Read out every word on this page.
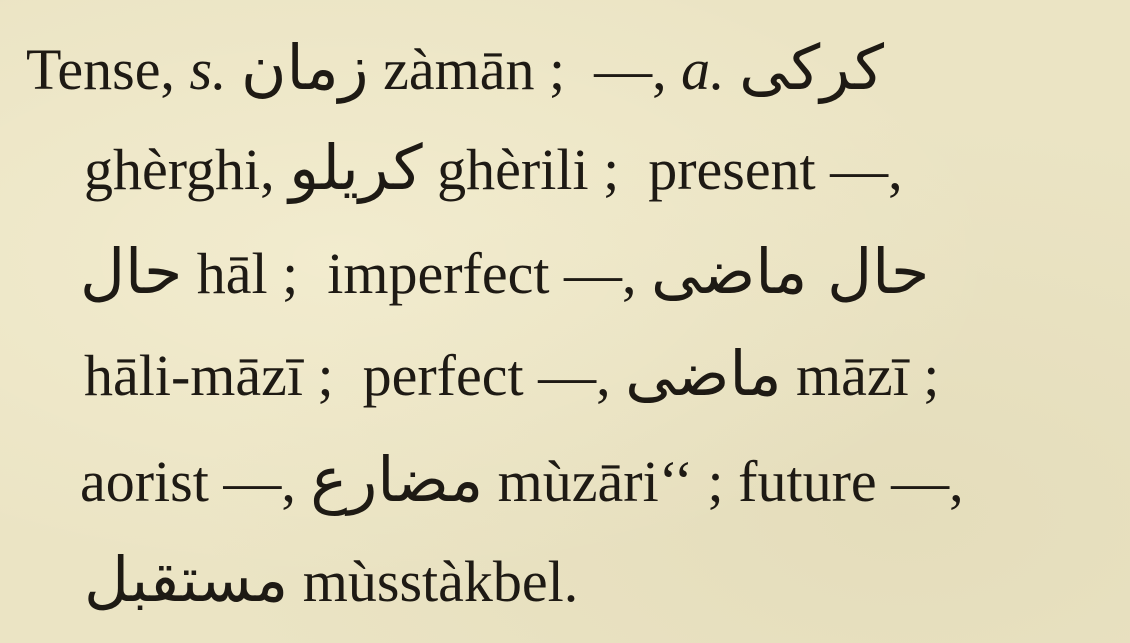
Tense, s. زمان zàmān ; —, a. کرکی
ghèrghi, کریلو ghèrili ; present —,
حال hāl ; imperfect —, حال ماضی
hāli-māzī ; perfect —, ماضی māzī ;
aorist —, مضارع mùzāri‘‘ ; future —,
مستقبل mùsstàkbel.
